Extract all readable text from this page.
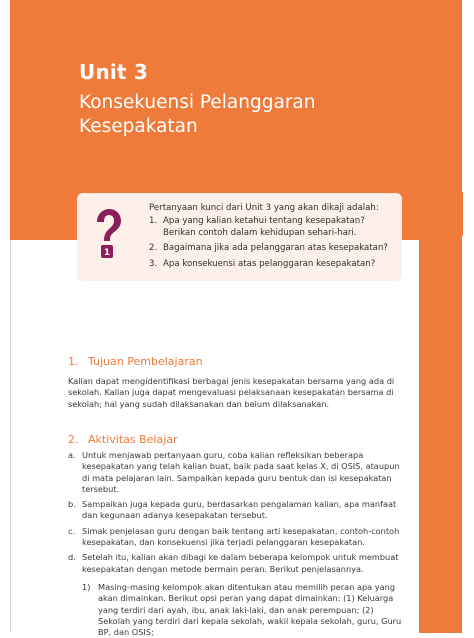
Unit 3
Konsekuensi Pelanggaran
Kesepakatan
1
Pertanyaan kunci dari Unit 3 yang akan dikaji adalah:
1. Apa yang kalian ketahui tentang kesepakatan? Berikan contoh dalam kehidupan sehari-hari.
2. Bagaimana jika ada pelanggaran atas kesepakatan?
3. Apa konsekuensi atas pelanggaran kesepakatan?
1. Tujuan Pembelajaran

Kalian dapat mengidentifikasi berbagai jenis kesepakatan bersama yang ada di sekolah. Kalian juga dapat mengevaluasi pelaksanaan kesepakatan bersama di sekolah; hal yang sudah dilaksanakan dan belum dilaksanakan.

2. Aktivitas Belajar
a. Untuk menjawab pertanyaan guru, coba kalian refleksikan beberapa kesepakatan yang telah kalian buat, baik pada saat kelas X, di OSIS, ataupun di mata pelajaran lain. Sampaikan kepada guru bentuk dan isi kesepakatan tersebut.
b. Sampaikan juga kepada guru, berdasarkan pengalaman kalian, apa manfaat dan kegunaan adanya kesepakatan tersebut.
c. Simak penjelasan guru dengan baik tentang arti kesepakatan, contoh-contoh kesepakatan, dan konsekuensi jika terjadi pelanggaran kesepakatan.
d. Setelah itu, kalian akan dibagi ke dalam beberapa kelompok untuk membuat kesepakatan dengan metode bermain peran. Berikut penjelasannya.
1) Masing-masing kelompok akan ditentukan atau memilih peran apa yang akan dimainkan. Berikut opsi peran yang dapat dimainkan: (1) Keluarga yang terdiri dari ayah, ibu, anak laki-laki, dan anak perempuan; (2) Sekolah yang terdiri dari kepala sekolah, wakil kepala sekolah, guru, Guru BP, dan OSIS;
